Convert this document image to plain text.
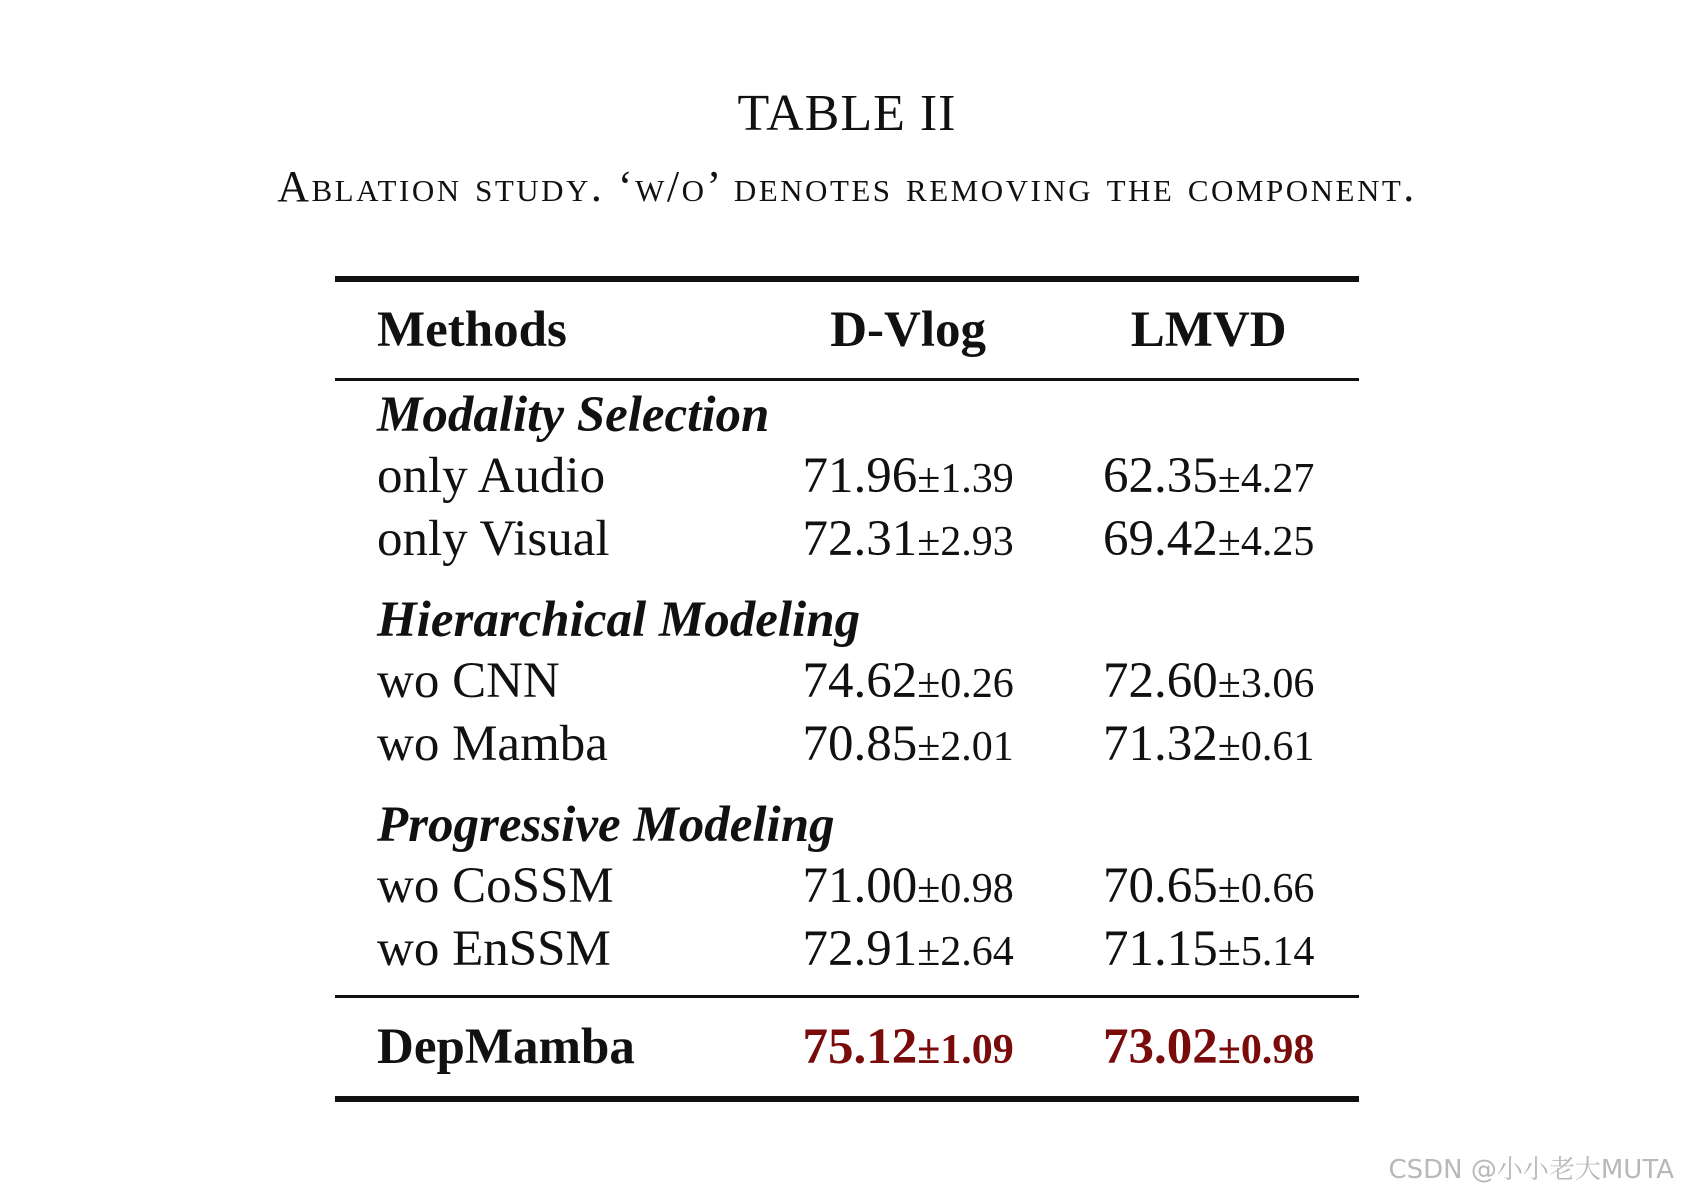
TABLE II
Ablation study. ‘w/o’ denotes removing the component.
Methods	D-Vlog	LMVD
Modality Selection		
only Audio	71.96±1.39	62.35±4.27
only Visual	72.31±2.93	69.42±4.25
Hierarchical Modeling		
wo CNN	74.62±0.26	72.60±3.06
wo Mamba	70.85±2.01	71.32±0.61
Progressive Modeling		
wo CoSSM	71.00±0.98	70.65±0.66
wo EnSSM	72.91±2.64	71.15±5.14

DepMamba	75.12±1.09	73.02±0.98
CSDN @小小老大MUTA
